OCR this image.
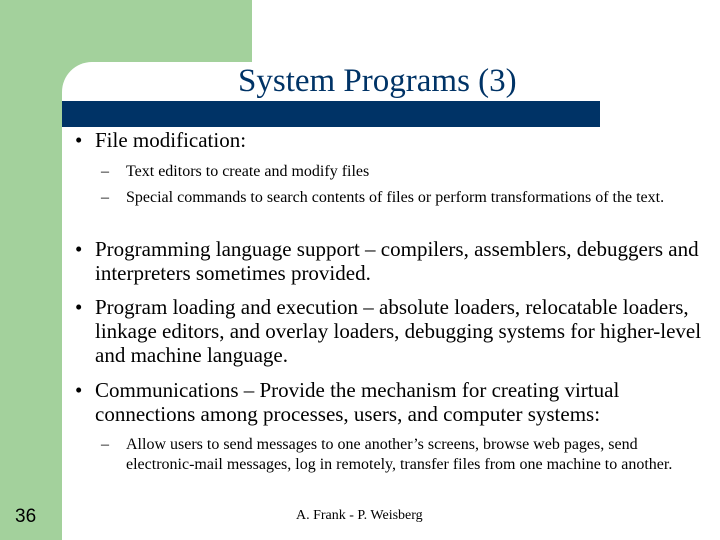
System Programs (3)
• File modification:
– Text editors to create and modify files
– Special commands to search contents of files or perform transformations of the text.
• Programming language support – compilers, assemblers, debuggers and interpreters sometimes provided.
• Program loading and execution – absolute loaders, relocatable loaders, linkage editors, and overlay loaders, debugging systems for higher-level and machine language.
• Communications – Provide the mechanism for creating virtual connections among processes, users, and computer systems:
– Allow users to send messages to one another’s screens, browse web pages, send electronic-mail messages, log in remotely, transfer files from one machine to another.
36	A. Frank - P. Weisberg
